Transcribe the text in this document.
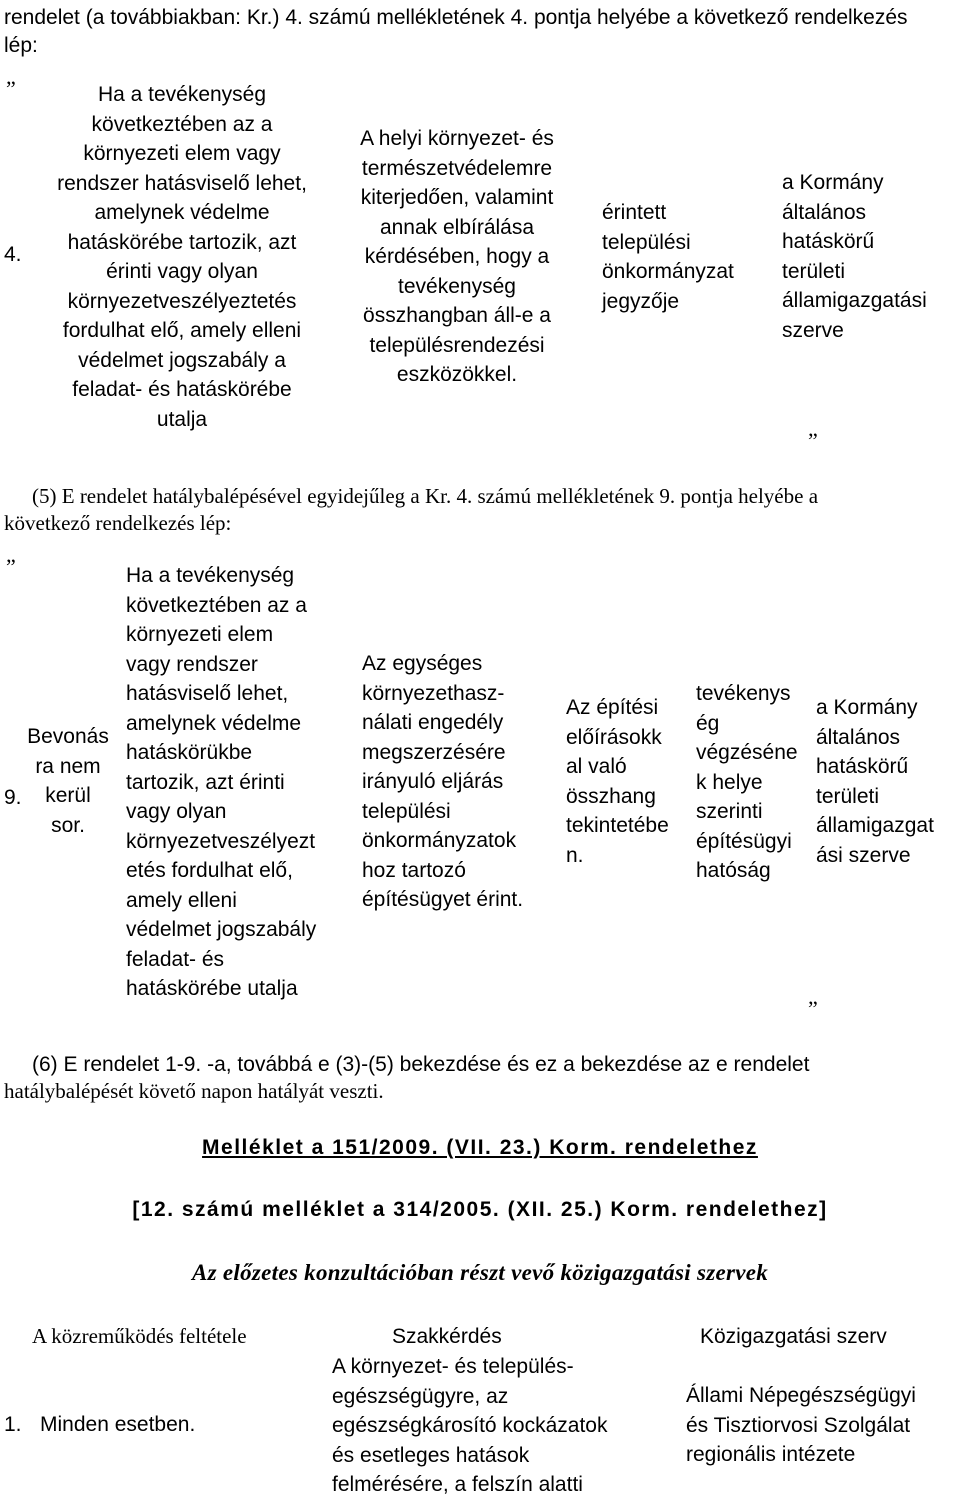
rendelet (a továbbiakban: Kr.) 4. számú mellékletének 4. pontja helyébe a következő rendelkezés
lép:
„
4.
Ha a tevékenység
következtében az a
környezeti elem vagy
rendszer hatásviselő lehet,
amelynek védelme
hatáskörébe tartozik, azt
érinti vagy olyan
környezetveszélyeztetés
fordulhat elő, amely elleni
védelmet jogszabály a
feladat- és hatáskörébe
utalja
A helyi környezet- és
természetvédelemre
kiterjedően, valamint
annak elbírálása
kérdésében, hogy a
tevékenység
összhangban áll-e a
településrendezési
eszközökkel.
érintett
települési
önkormányzat
jegyzője
a Kormány
általános
hatáskörű
területi
államigazgatási
szerve
”
(5) E rendelet hatálybalépésével egyidejűleg a Kr. 4. számú mellékletének 9. pontja helyébe a
következő rendelkezés lép:
„

9.

Bevonás
ra nem
kerül
sor.
Ha a tevékenység
következtében az a
környezeti elem
vagy rendszer
hatásviselő lehet,
amelynek védelme
hatáskörükbe
tartozik, azt érinti
vagy olyan
környezetveszélyezt
etés fordulhat elő,
amely elleni
védelmet jogszabály
feladat- és
hatáskörébe utalja
Az egységes
környezethasz-
nálati engedély
megszerzésére
irányuló eljárás
települési
önkormányzatok
hoz tartozó
építésügyet érint.
Az építési
előírásokk
al való
összhang
tekintetébe
n.
tevékenys
ég
végzéséne
k helye
szerinti
építésügyi
hatóság
a Kormány
általános
hatáskörű
területi
államigazgat
ási szerve
”
(6) E rendelet 1-9. -a, továbbá e (3)-(5) bekezdése és ez a bekezdése az e rendelet
hatálybalépését követő napon hatályát veszti.
Melléklet a 151/2009. (VII. 23.) Korm. rendelethez
[12. számú melléklet a 314/2005. (XII. 25.) Korm. rendelethez]
Az előzetes konzultációban részt vevő közigazgatási szervek
A közreműködés feltétele	Szakkérdés	Közigazgatási szerv
1. Minden esetben.
A környezet- és település-
egészségügyre, az
egészségkárosító kockázatok
és esetleges hatások
felmérésére, a felszín alatti
Állami Népegészségügyi
és Tisztiorvosi Szolgálat
regionális intézete
